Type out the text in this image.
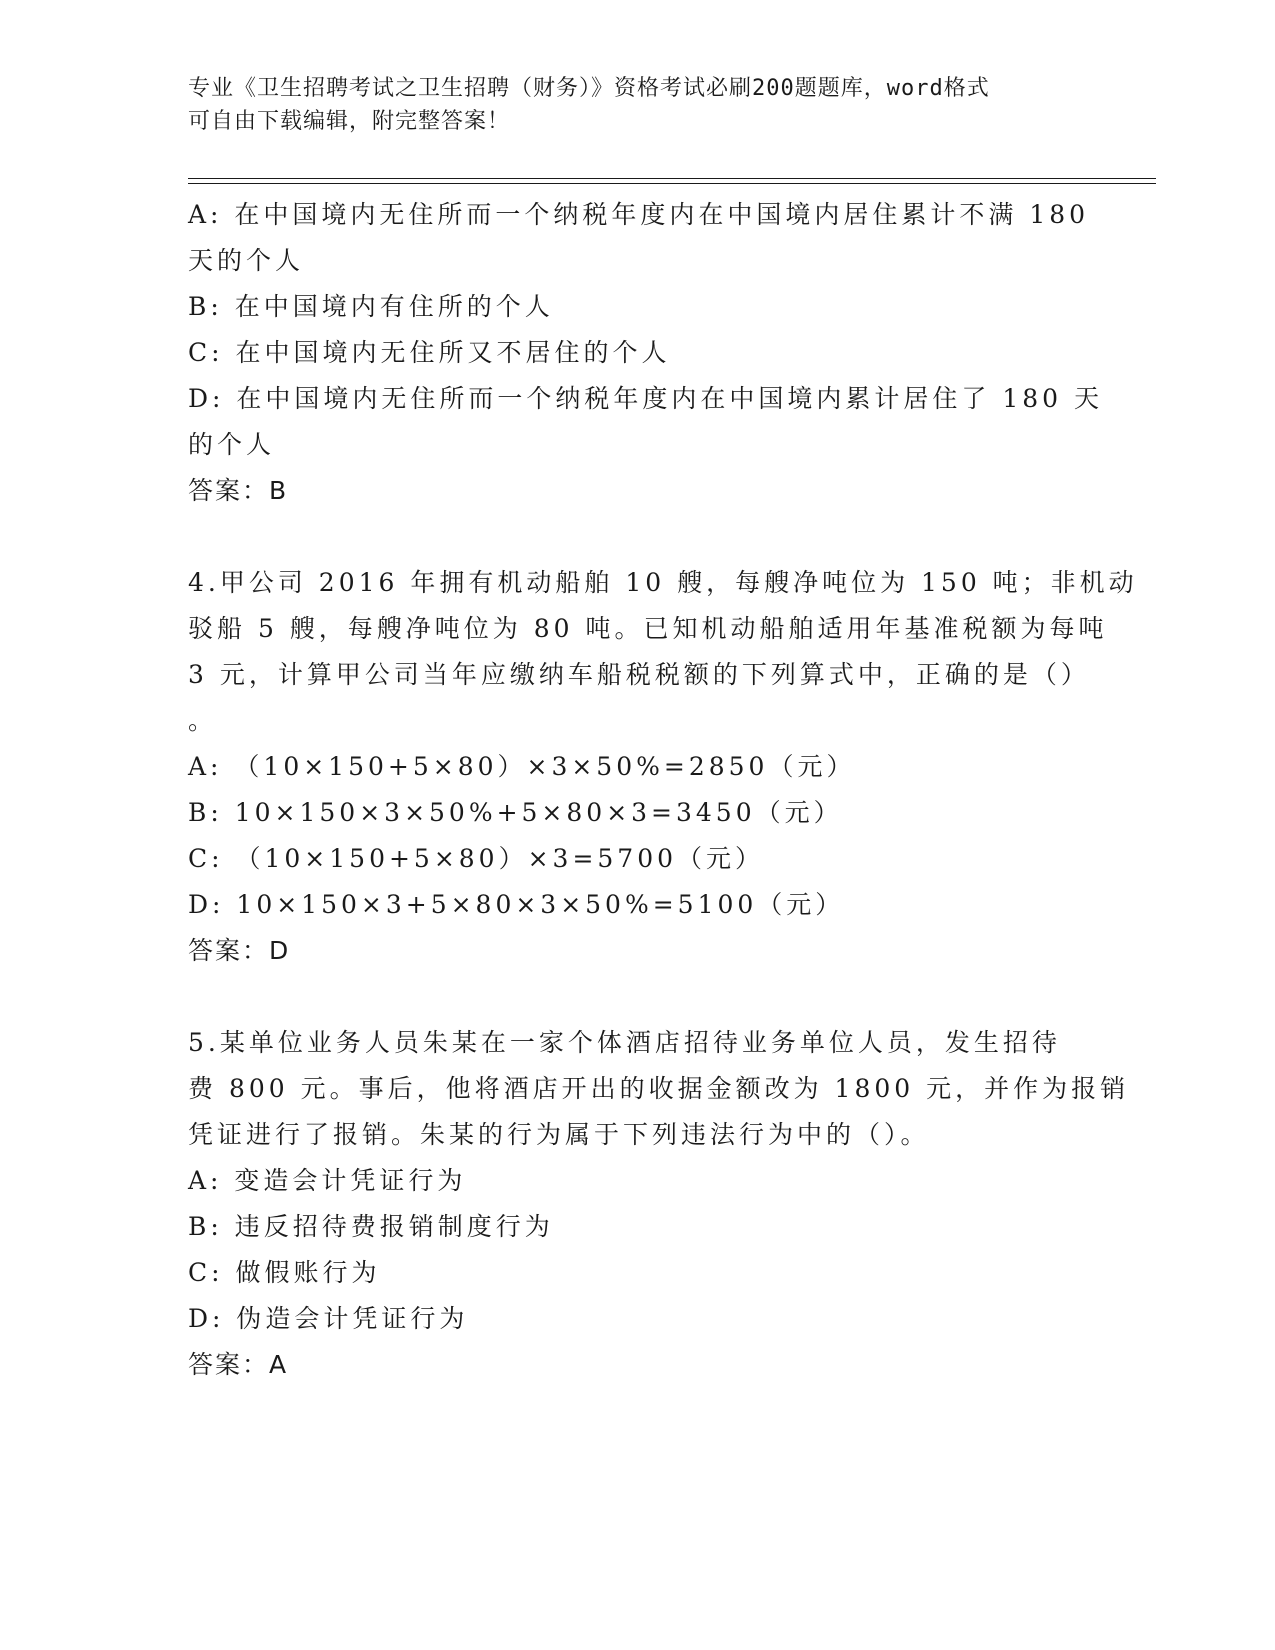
专业《卫生招聘考试之卫生招聘（财务）》资格考试必刷200题题库，word格式
可自由下载编辑，附完整答案！
A: 在中国境内无住所而一个纳税年度内在中国境内居住累计不满 180
天的个人
B: 在中国境内有住所的个人
C: 在中国境内无住所又不居住的个人
D: 在中国境内无住所而一个纳税年度内在中国境内累计居住了 180 天
的个人
答案：B
4.甲公司 2016 年拥有机动船舶 10 艘，每艘净吨位为 150 吨；非机动
驳船 5 艘，每艘净吨位为 80 吨。已知机动船舶适用年基准税额为每吨
3 元，计算甲公司当年应缴纳车船税税额的下列算式中，正确的是（）
。
A: （10×150+5×80）×3×50%=2850（元）
B: 10×150×3×50%+5×80×3=3450（元）
C: （10×150+5×80）×3=5700（元）
D: 10×150×3+5×80×3×50%=5100（元）
答案：D
5.某单位业务人员朱某在一家个体酒店招待业务单位人员，发生招待
费 800 元。事后，他将酒店开出的收据金额改为 1800 元，并作为报销
凭证进行了报销。朱某的行为属于下列违法行为中的（）。
A: 变造会计凭证行为
B: 违反招待费报销制度行为
C: 做假账行为
D: 伪造会计凭证行为
答案：A
